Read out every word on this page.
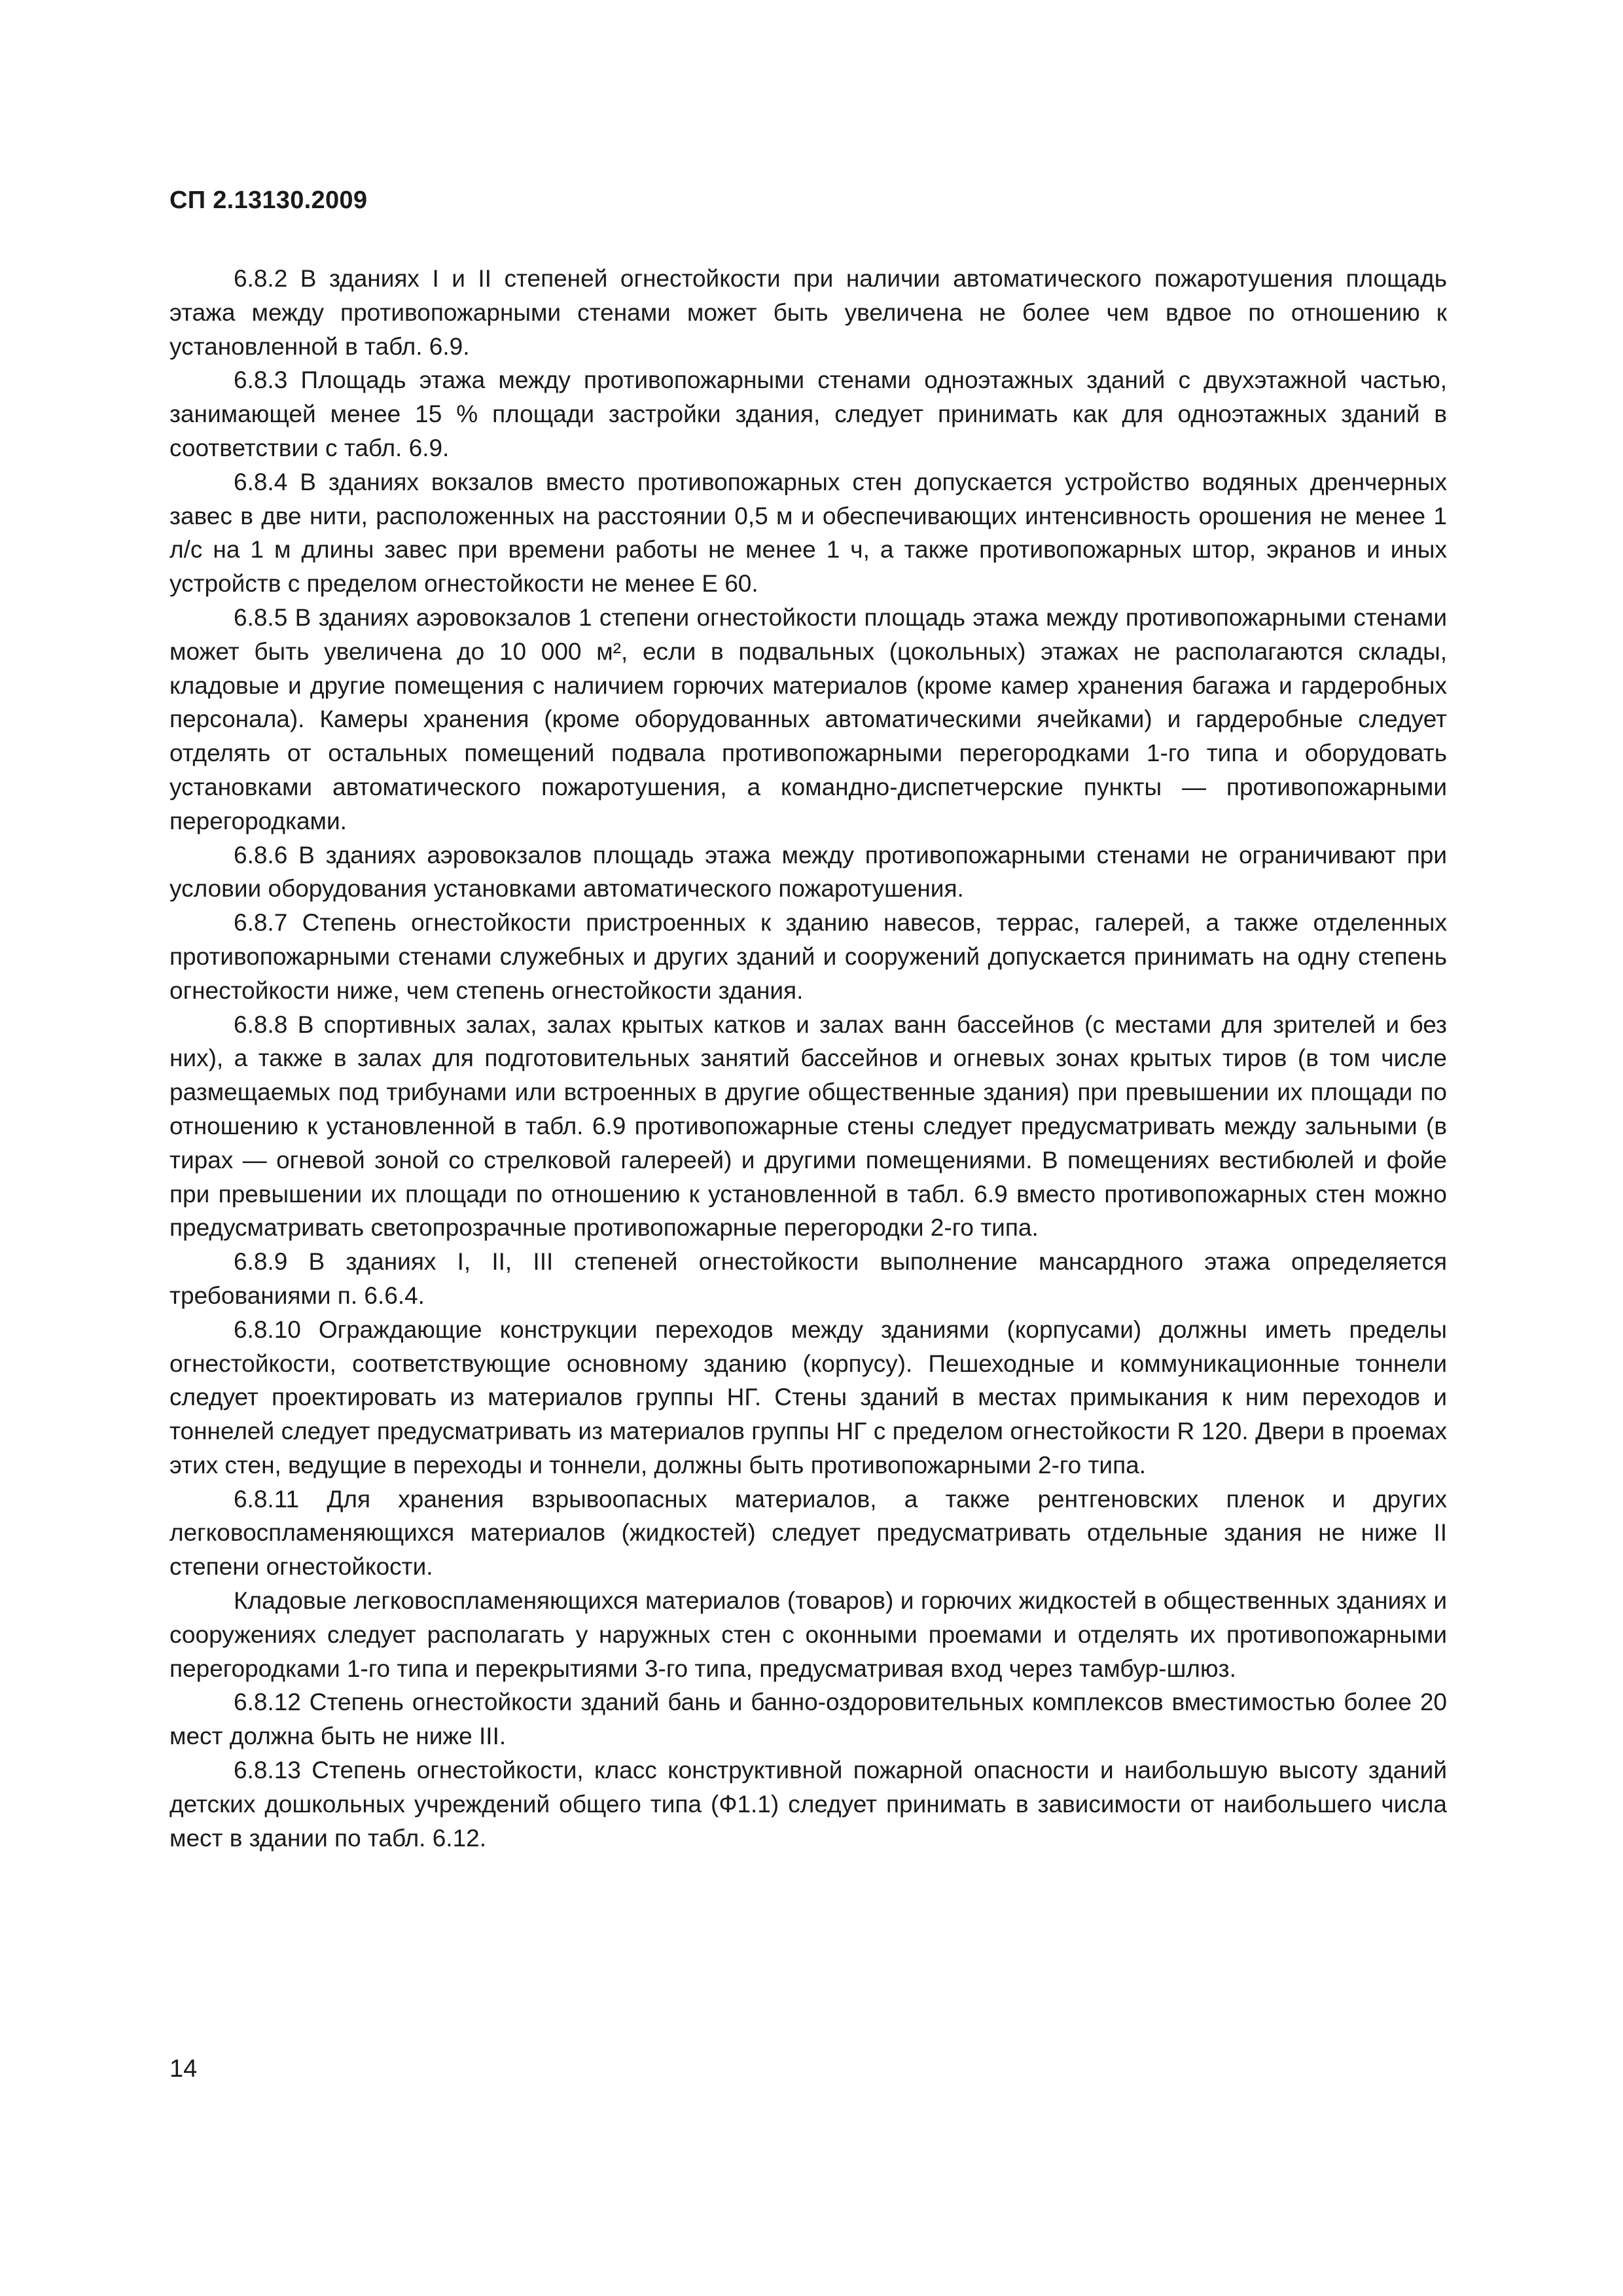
СП 2.13130.2009

6.8.2 В зданиях I и II степеней огнестойкости при наличии автоматического пожаротушения площадь этажа между противопожарными стенами может быть увеличена не более чем вдвое по отношению к установленной в табл. 6.9.

6.8.3 Площадь этажа между противопожарными стенами одноэтажных зданий с двухэтажной частью, занимающей менее 15 % площади застройки здания, следует принимать как для одноэтажных зданий в соответствии с табл. 6.9.

6.8.4 В зданиях вокзалов вместо противопожарных стен допускается устройство водяных дренчерных завес в две нити, расположенных на расстоянии 0,5 м и обеспечивающих интенсивность орошения не менее 1 л/с на 1 м длины завес при времени работы не менее 1 ч, а также противопожарных штор, экранов и иных устройств с пределом огнестойкости не менее Е 60.

6.8.5 В зданиях аэровокзалов 1 степени огнестойкости площадь этажа между противопожарными стенами может быть увеличена до 10 000 м², если в подвальных (цокольных) этажах не располагаются склады, кладовые и другие помещения с наличием горючих материалов (кроме камер хранения багажа и гардеробных персонала). Камеры хранения (кроме оборудованных автоматическими ячейками) и гардеробные следует отделять от остальных помещений подвала противопожарными перегородками 1-го типа и оборудовать установками автоматического пожаротушения, а командно-диспетчерские пункты — противопожарными перегородками.

6.8.6 В зданиях аэровокзалов площадь этажа между противопожарными стенами не ограничивают при условии оборудования установками автоматического пожаротушения.

6.8.7 Степень огнестойкости пристроенных к зданию навесов, террас, галерей, а также отделенных противопожарными стенами служебных и других зданий и сооружений допускается принимать на одну степень огнестойкости ниже, чем степень огнестойкости здания.

6.8.8 В спортивных залах, залах крытых катков и залах ванн бассейнов (с местами для зрителей и без них), а также в залах для подготовительных занятий бассейнов и огневых зонах крытых тиров (в том числе размещаемых под трибунами или встроенных в другие общественные здания) при превышении их площади по отношению к установленной в табл. 6.9 противопожарные стены следует предусматривать между зальными (в тирах — огневой зоной со стрелковой галереей) и другими помещениями. В помещениях вестибюлей и фойе при превышении их площади по отношению к установленной в табл. 6.9 вместо противопожарных стен можно предусматривать светопрозрачные противопожарные перегородки 2-го типа.

6.8.9 В зданиях I, II, III степеней огнестойкости выполнение мансардного этажа определяется требованиями п. 6.6.4.

6.8.10 Ограждающие конструкции переходов между зданиями (корпусами) должны иметь пределы огнестойкости, соответствующие основному зданию (корпусу). Пешеходные и коммуникационные тоннели следует проектировать из материалов группы НГ. Стены зданий в местах примыкания к ним переходов и тоннелей следует предусматривать из материалов группы НГ с пределом огнестойкости R 120. Двери в проемах этих стен, ведущие в переходы и тоннели, должны быть противопожарными 2-го типа.

6.8.11 Для хранения взрывоопасных материалов, а также рентгеновских пленок и других легковоспламеняющихся материалов (жидкостей) следует предусматривать отдельные здания не ниже II степени огнестойкости.

Кладовые легковоспламеняющихся материалов (товаров) и горючих жидкостей в общественных зданиях и сооружениях следует располагать у наружных стен с оконными проемами и отделять их противопожарными перегородками 1-го типа и перекрытиями 3-го типа, предусматривая вход через тамбур-шлюз.

6.8.12 Степень огнестойкости зданий бань и банно-оздоровительных комплексов вместимостью более 20 мест должна быть не ниже III.

6.8.13 Степень огнестойкости, класс конструктивной пожарной опасности и наибольшую высоту зданий детских дошкольных учреждений общего типа (Ф1.1) следует принимать в зависимости от наибольшего числа мест в здании по табл. 6.12.

14
